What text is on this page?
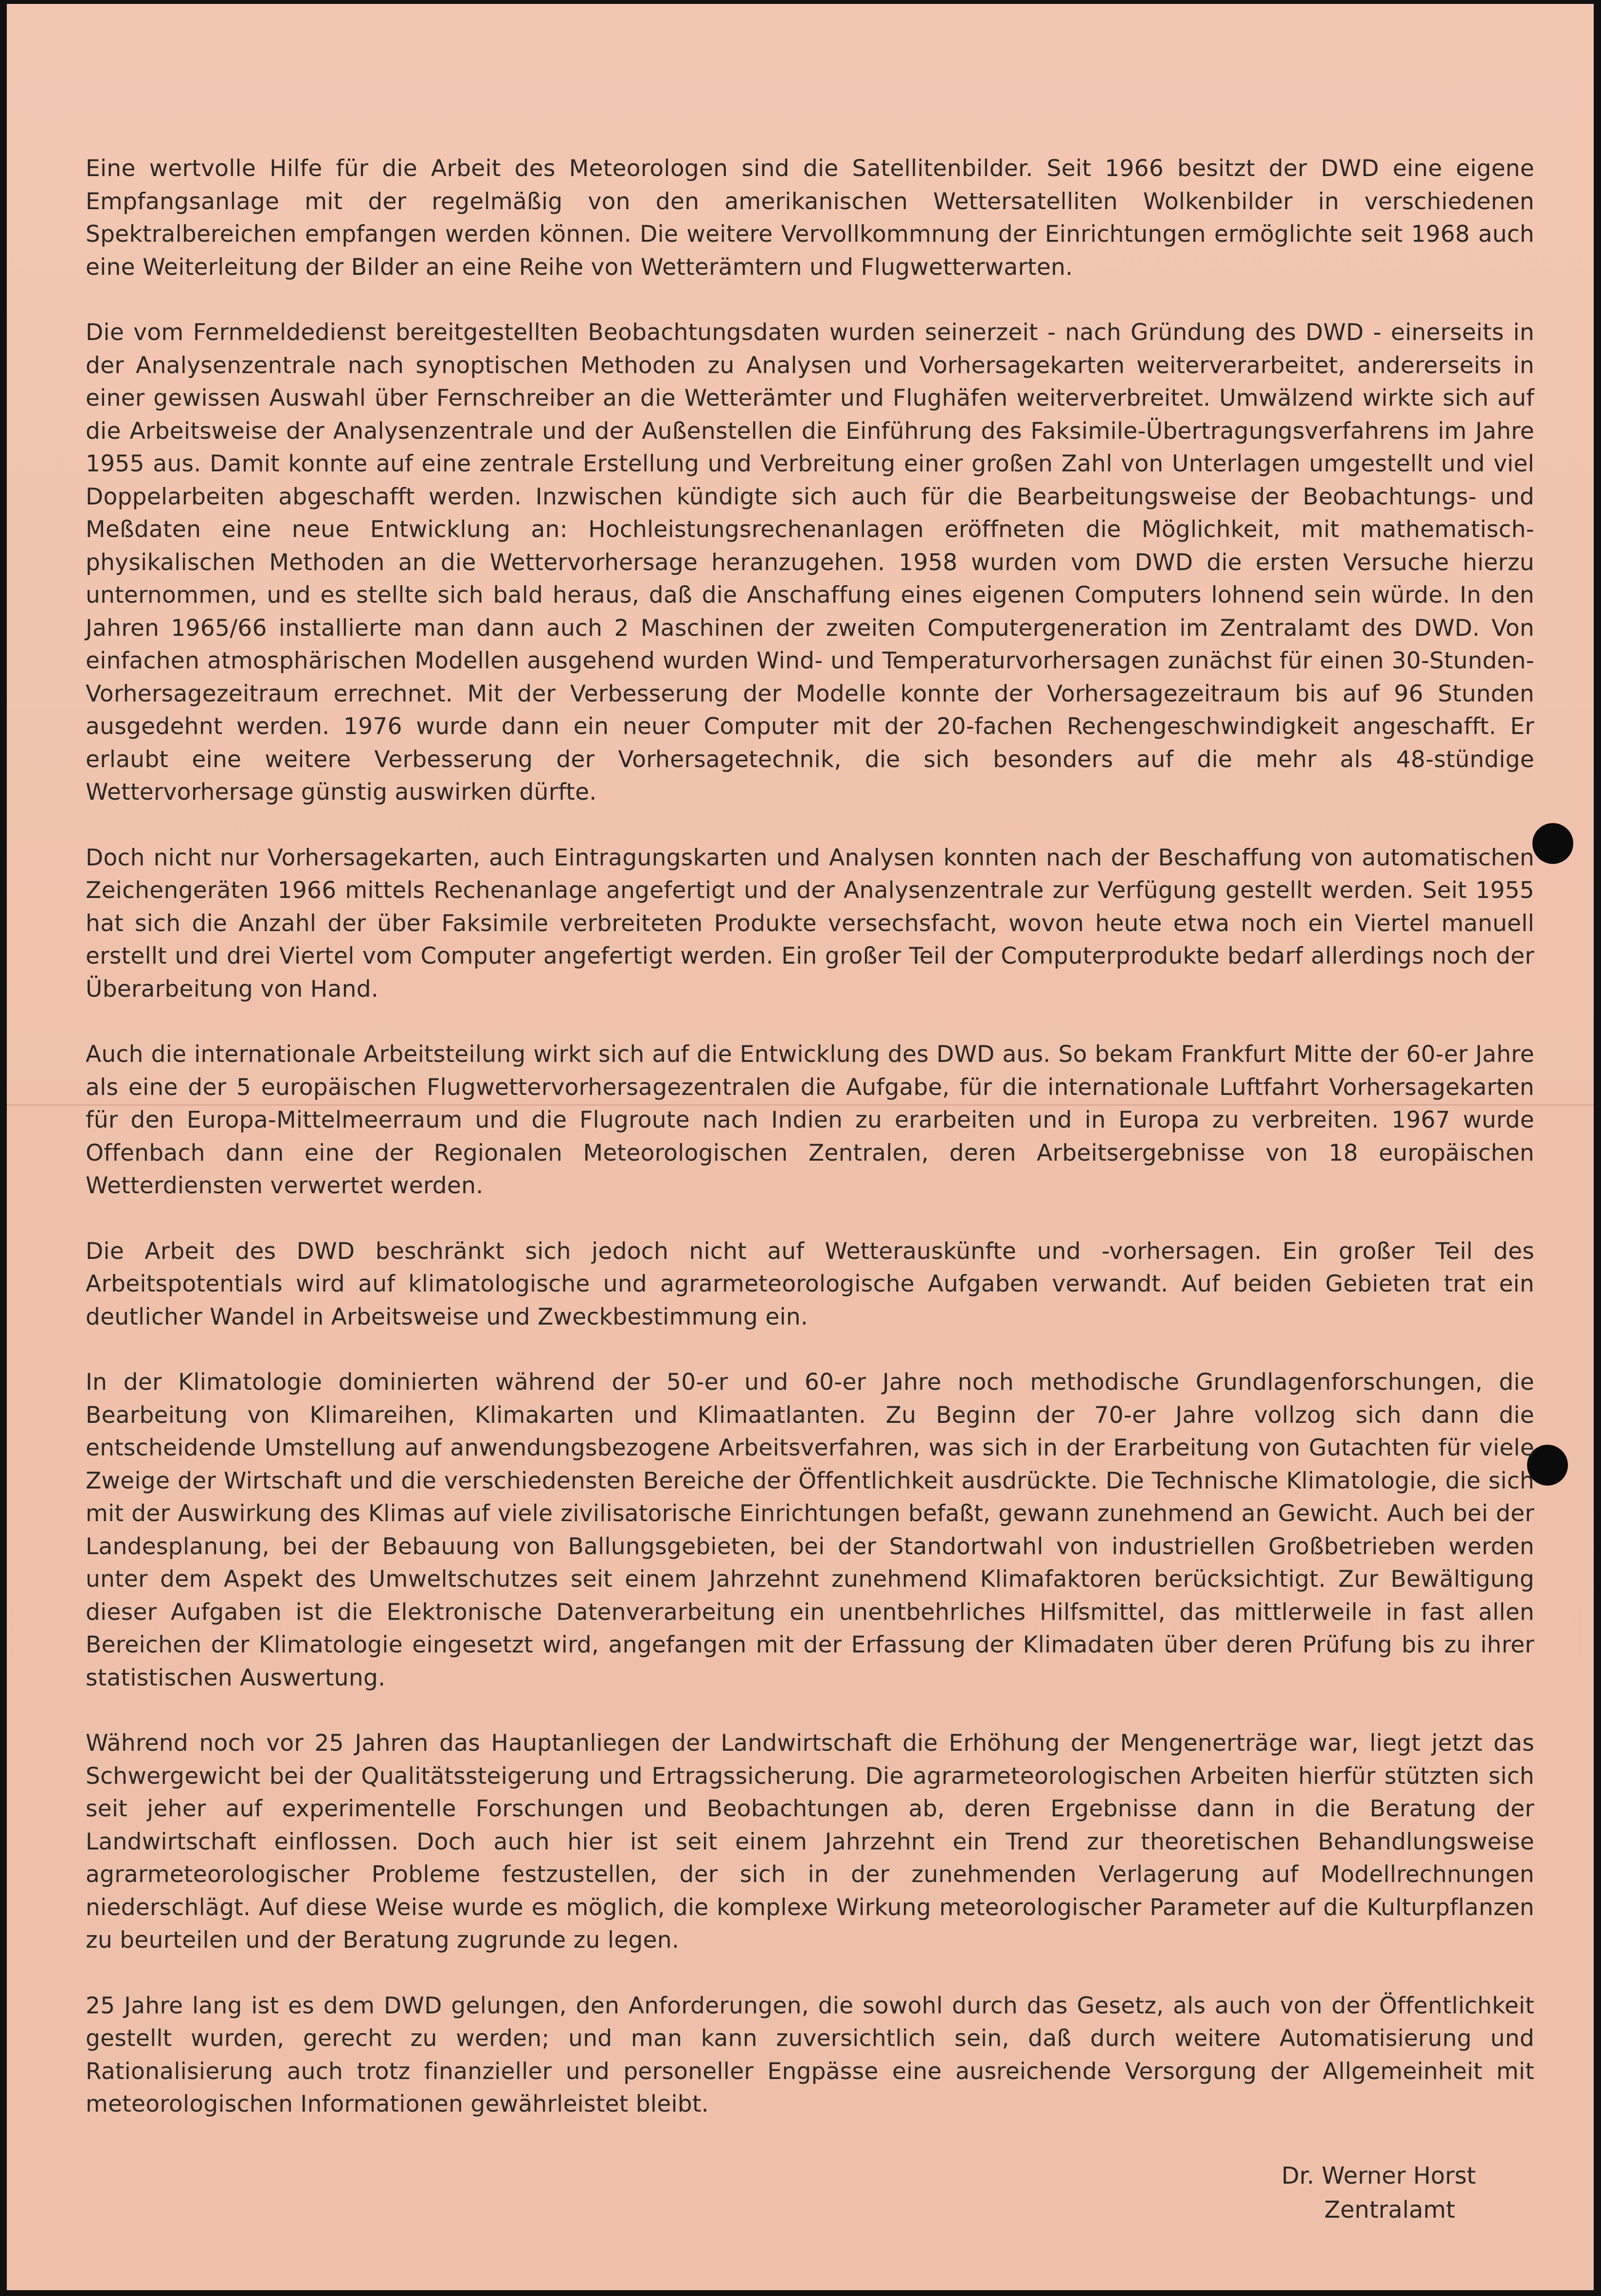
Eine wertvolle Hilfe für die Arbeit des Meteorologen sind die Satellitenbilder. Seit 1966 besitzt der DWD eine eigene Empfangsanlage mit der regelmäßig von den amerikanischen Wettersatelliten Wolkenbilder in verschiedenen Spektralbereichen empfangen werden können. Die weitere Vervollkommnung der Einrichtungen ermöglichte seit 1968 auch eine Weiterleitung der Bilder an eine Reihe von Wetterämtern und Flugwetterwarten.

Die vom Fernmeldedienst bereitgestellten Beobachtungsdaten wurden seinerzeit - nach Gründung des DWD - einerseits in der Analysenzentrale nach synoptischen Methoden zu Analysen und Vorhersagekarten weiterverarbeitet, andererseits in einer gewissen Auswahl über Fernschreiber an die Wetterämter und Flughäfen weiterverbreitet. Umwälzend wirkte sich auf die Arbeitsweise der Analysenzentrale und der Außenstellen die Einführung des Faksimile-Übertragungsverfahrens im Jahre 1955 aus. Damit konnte auf eine zentrale Erstellung und Verbreitung einer großen Zahl von Unterlagen umgestellt und viel Doppelarbeiten abgeschafft werden. Inzwischen kündigte sich auch für die Bearbeitungsweise der Beobachtungs- und Meßdaten eine neue Entwicklung an: Hochleistungsrechenanlagen eröffneten die Möglichkeit, mit mathematisch-physikalischen Methoden an die Wettervorhersage heranzugehen. 1958 wurden vom DWD die ersten Versuche hierzu unternommen, und es stellte sich bald heraus, daß die Anschaffung eines eigenen Computers lohnend sein würde. In den Jahren 1965/66 installierte man dann auch 2 Maschinen der zweiten Computergeneration im Zentralamt des DWD. Von einfachen atmosphärischen Modellen ausgehend wurden Wind- und Temperaturvorhersagen zunächst für einen 30-Stunden-Vorhersagezeitraum errechnet. Mit der Verbesserung der Modelle konnte der Vorhersagezeitraum bis auf 96 Stunden ausgedehnt werden. 1976 wurde dann ein neuer Computer mit der 20-fachen Rechengeschwindigkeit angeschafft. Er erlaubt eine weitere Verbesserung der Vorhersagetechnik, die sich besonders auf die mehr als 48-stündige Wettervorhersage günstig auswirken dürfte.

Doch nicht nur Vorhersagekarten, auch Eintragungskarten und Analysen konnten nach der Beschaffung von automatischen Zeichengeräten 1966 mittels Rechenanlage angefertigt und der Analysenzentrale zur Verfügung gestellt werden. Seit 1955 hat sich die Anzahl der über Faksimile verbreiteten Produkte versechsfacht, wovon heute etwa noch ein Viertel manuell erstellt und drei Viertel vom Computer angefertigt werden. Ein großer Teil der Computerprodukte bedarf allerdings noch der Überarbeitung von Hand.

Auch die internationale Arbeitsteilung wirkt sich auf die Entwicklung des DWD aus. So bekam Frankfurt Mitte der 60-er Jahre als eine der 5 europäischen Flugwettervorhersagezentralen die Aufgabe, für die internationale Luftfahrt Vorhersagekarten für den Europa-Mittelmeerraum und die Flugroute nach Indien zu erarbeiten und in Europa zu verbreiten. 1967 wurde Offenbach dann eine der Regionalen Meteorologischen Zentralen, deren Arbeitsergebnisse von 18 europäischen Wetterdiensten verwertet werden.

Die Arbeit des DWD beschränkt sich jedoch nicht auf Wetterauskünfte und -vorhersagen. Ein großer Teil des Arbeitspotentials wird auf klimatologische und agrarmeteorologische Aufgaben verwandt. Auf beiden Gebieten trat ein deutlicher Wandel in Arbeitsweise und Zweckbestimmung ein.

In der Klimatologie dominierten während der 50-er und 60-er Jahre noch methodische Grundlagenforschungen, die Bearbeitung von Klimareihen, Klimakarten und Klimaatlanten. Zu Beginn der 70-er Jahre vollzog sich dann die entscheidende Umstellung auf anwendungsbezogene Arbeitsverfahren, was sich in der Erarbeitung von Gutachten für viele Zweige der Wirtschaft und die verschiedensten Bereiche der Öffentlichkeit ausdrückte. Die Technische Klimatologie, die sich mit der Auswirkung des Klimas auf viele zivilisatorische Einrichtungen befaßt, gewann zunehmend an Gewicht. Auch bei der Landesplanung, bei der Bebauung von Ballungsgebieten, bei der Standortwahl von industriellen Großbetrieben werden unter dem Aspekt des Umweltschutzes seit einem Jahrzehnt zunehmend Klimafaktoren berücksichtigt. Zur Bewältigung dieser Aufgaben ist die Elektronische Datenverarbeitung ein unentbehrliches Hilfsmittel, das mittlerweile in fast allen Bereichen der Klimatologie eingesetzt wird, angefangen mit der Erfassung der Klimadaten über deren Prüfung bis zu ihrer statistischen Auswertung.

Während noch vor 25 Jahren das Hauptanliegen der Landwirtschaft die Erhöhung der Mengenerträge war, liegt jetzt das Schwergewicht bei der Qualitätssteigerung und Ertragssicherung. Die agrarmeteorologischen Arbeiten hierfür stützten sich seit jeher auf experimentelle Forschungen und Beobachtungen ab, deren Ergebnisse dann in die Beratung der Landwirtschaft einflossen. Doch auch hier ist seit einem Jahrzehnt ein Trend zur theoretischen Behandlungsweise agrarmeteorologischer Probleme festzustellen, der sich in der zunehmenden Verlagerung auf Modellrechnungen niederschlägt. Auf diese Weise wurde es möglich, die komplexe Wirkung meteorologischer Parameter auf die Kulturpflanzen zu beurteilen und der Beratung zugrunde zu legen.

25 Jahre lang ist es dem DWD gelungen, den Anforderungen, die sowohl durch das Gesetz, als auch von der Öffentlichkeit gestellt wurden, gerecht zu werden; und man kann zuversichtlich sein, daß durch weitere Automatisierung und Rationalisierung auch trotz finanzieller und personeller Engpässe eine ausreichende Versorgung der Allgemeinheit mit meteorologischen Informationen gewährleistet bleibt.

Dr. Werner Horst
Zentralamt
